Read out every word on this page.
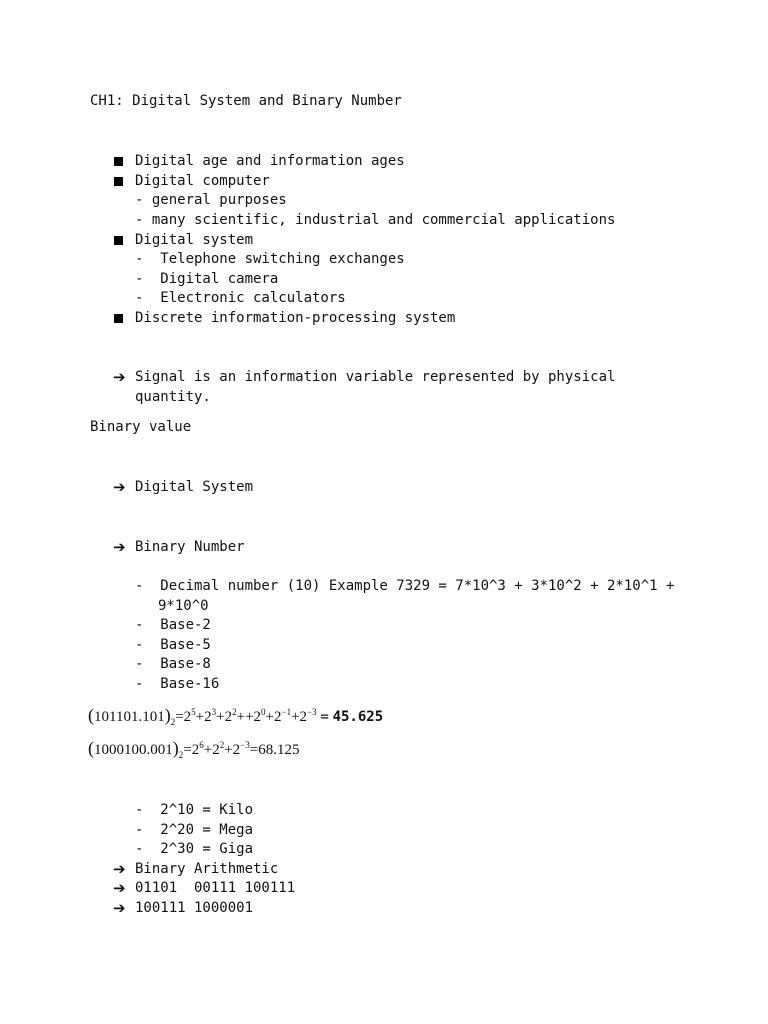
CH1: Digital System and Binary Number
Digital age and information ages
Digital computer
- general purposes
- many scientific, industrial and commercial applications
Digital system
-  Telephone switching exchanges
-  Digital camera
-  Electronic calculators
Discrete information-processing system
➔ Signal is an information variable represented by physical
quantity.
Binary value
➔ Digital System
➔ Binary Number
-  Decimal number (10) Example 7329 = 7*10^3 + 3*10^2 + 2*10^1 +
9*10^0
-  Base-2
-  Base-5
-  Base-8
-  Base-16
$(101101.101)_2=2^5+2^3+2^2++2^0+2^{-1}+2^{-3} = 45.625$
$(1000100.001)_2=2^6+2^2+2^{-3}=68.125$
-  2^10 = Kilo
-  2^20 = Mega
-  2^30 = Giga
➔ Binary Arithmetic
➔ 01101  00111 100111
➔ 100111 1000001
